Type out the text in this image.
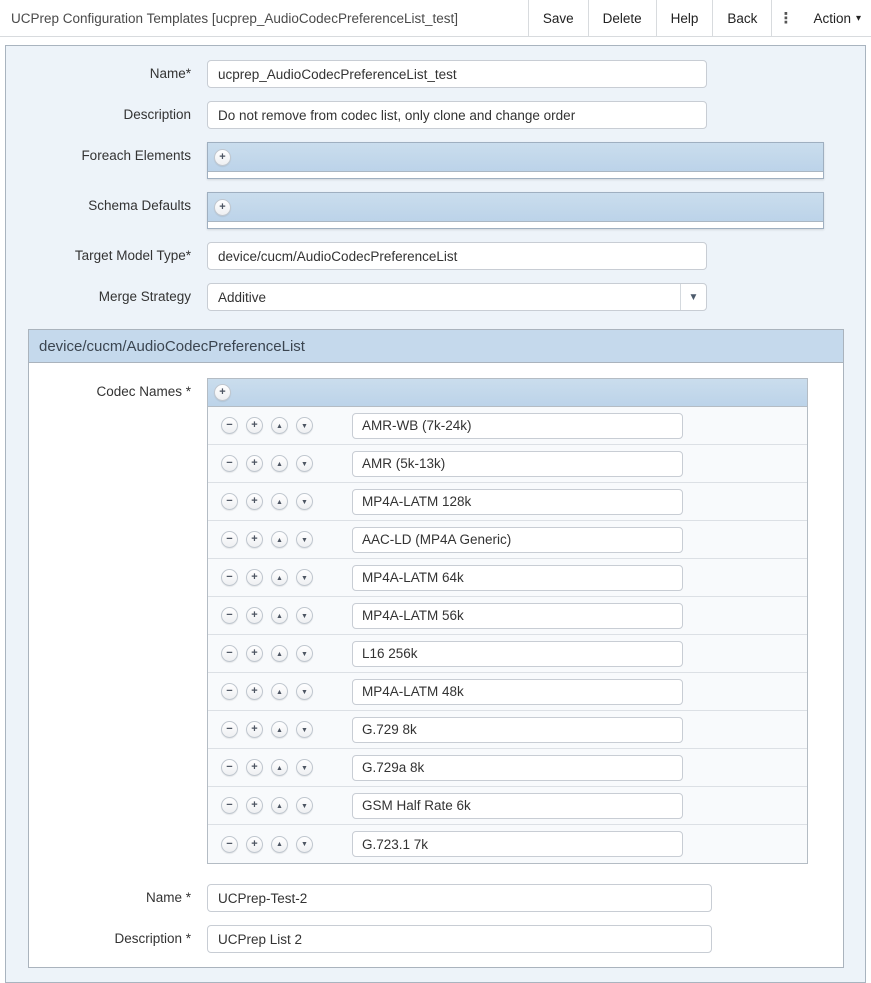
UCPrep Configuration Templates [ucprep_AudioCodecPreferenceList_test]	Save	Delete	Help	Back	⋮ Action ▾
Name*
ucprep_AudioCodecPreferenceList_test
Description
Do not remove from codec list, only clone and change order
Foreach Elements	+
Schema Defaults	+
Target Model Type*
device/cucm/AudioCodecPreferenceList
Merge Strategy	Additive	▼
device/cucm/AudioCodecPreferenceList
Codec Names *	+
− +	▲	▼
AMR-WB (7k-24k)
− +	▲	▼
AMR (5k-13k)
− +	▲	▼
MP4A-LATM 128k
− +	▲	▼
AAC-LD (MP4A Generic)
− +	▲	▼
MP4A-LATM 64k
− +	▲	▼
MP4A-LATM 56k
− +	▲	▼
L16 256k
− +	▲	▼
MP4A-LATM 48k
− +	▲	▼
G.729 8k
− +	▲	▼
G.729a 8k
− +	▲	▼
GSM Half Rate 6k
− +	▲	▼
G.723.1 7k
Name *
UCPrep-Test-2
Description *
UCPrep List 2
